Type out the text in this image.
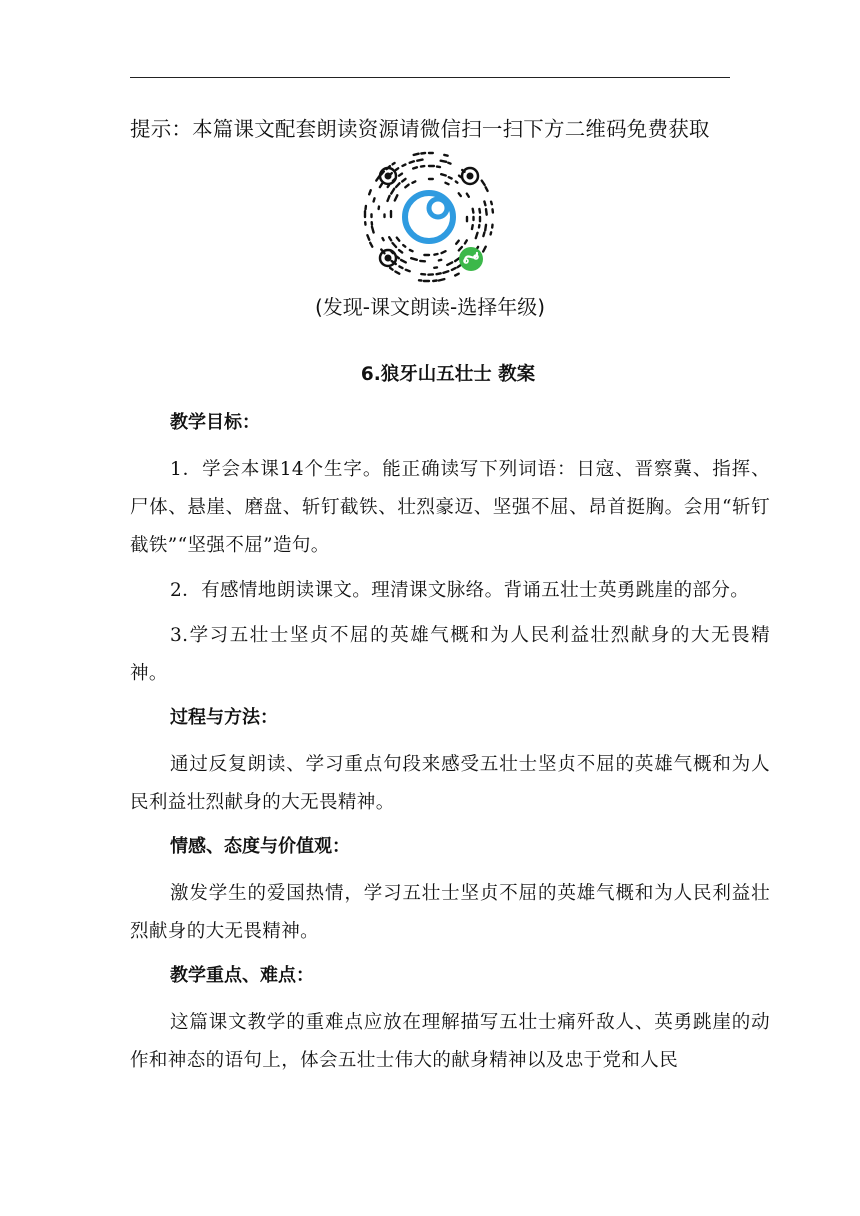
提示：本篇课文配套朗读资源请微信扫一扫下方二维码免费获取
(发现-课文朗读-选择年级)
6.狼牙山五壮士 教案

教学目标：

1．学会本课14个生字。能正确读写下列词语：日寇、晋察冀、指挥、尸体、悬崖、磨盘、斩钉截铁、壮烈豪迈、坚强不屈、昂首挺胸。会用“斩钉截铁”“坚强不屈”造句。

2．有感情地朗读课文。理清课文脉络。背诵五壮士英勇跳崖的部分。

3.学习五壮士坚贞不屈的英雄气概和为人民利益壮烈献身的大无畏精神。

过程与方法：

通过反复朗读、学习重点句段来感受五壮士坚贞不屈的英雄气概和为人民利益壮烈献身的大无畏精神。

情感、态度与价值观：

激发学生的爱国热情，学习五壮士坚贞不屈的英雄气概和为人民利益壮烈献身的大无畏精神。

教学重点、难点：

这篇课文教学的重难点应放在理解描写五壮士痛歼敌人、英勇跳崖的动作和神态的语句上，体会五壮士伟大的献身精神以及忠于党和人民
